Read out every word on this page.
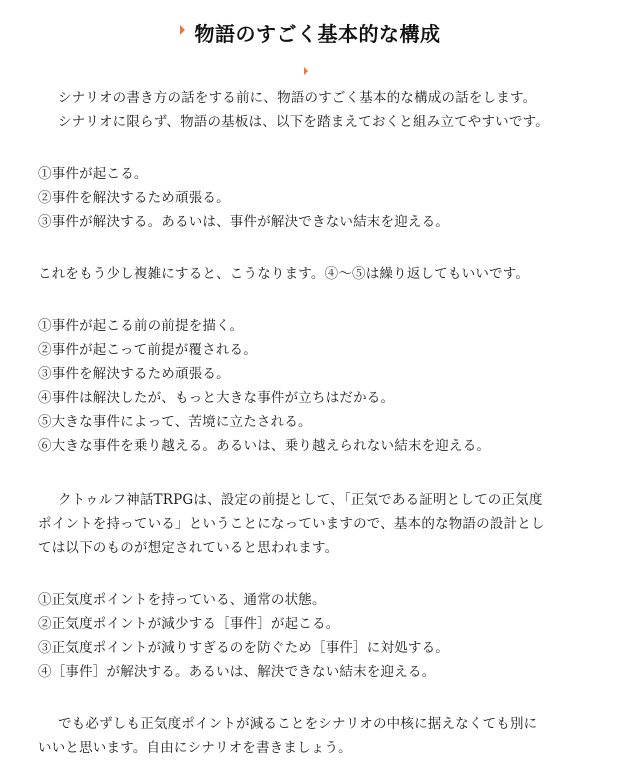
物語のすごく基本的な構成
シナリオの書き方の話をする前に、物語のすごく基本的な構成の話をします。
シナリオに限らず、物語の基板は、以下を踏まえておくと組み立てやすいです。
①事件が起こる。
②事件を解決するため頑張る。
③事件が解決する。あるいは、事件が解決できない結末を迎える。
これをもう少し複雑にすると、こうなります。④〜⑤は繰り返してもいいです。
①事件が起こる前の前提を描く。
②事件が起こって前提が覆される。
③事件を解決するため頑張る。
④事件は解決したが、もっと大きな事件が立ちはだかる。
⑤大きな事件によって、苦境に立たされる。
⑥大きな事件を乗り越える。あるいは、乗り越えられない結末を迎える。
クトゥルフ神話TRPGは、設定の前提として、「正気である証明としての正気度
ポイントを持っている」ということになっていますので、基本的な物語の設計とし
ては以下のものが想定されていると思われます。
①正気度ポイントを持っている、通常の状態。
②正気度ポイントが減少する［事件］が起こる。
③正気度ポイントが減りすぎるのを防ぐため［事件］に対処する。
④［事件］が解決する。あるいは、解決できない結末を迎える。
でも必ずしも正気度ポイントが減ることをシナリオの中核に据えなくても別に
いいと思います。自由にシナリオを書きましょう。
